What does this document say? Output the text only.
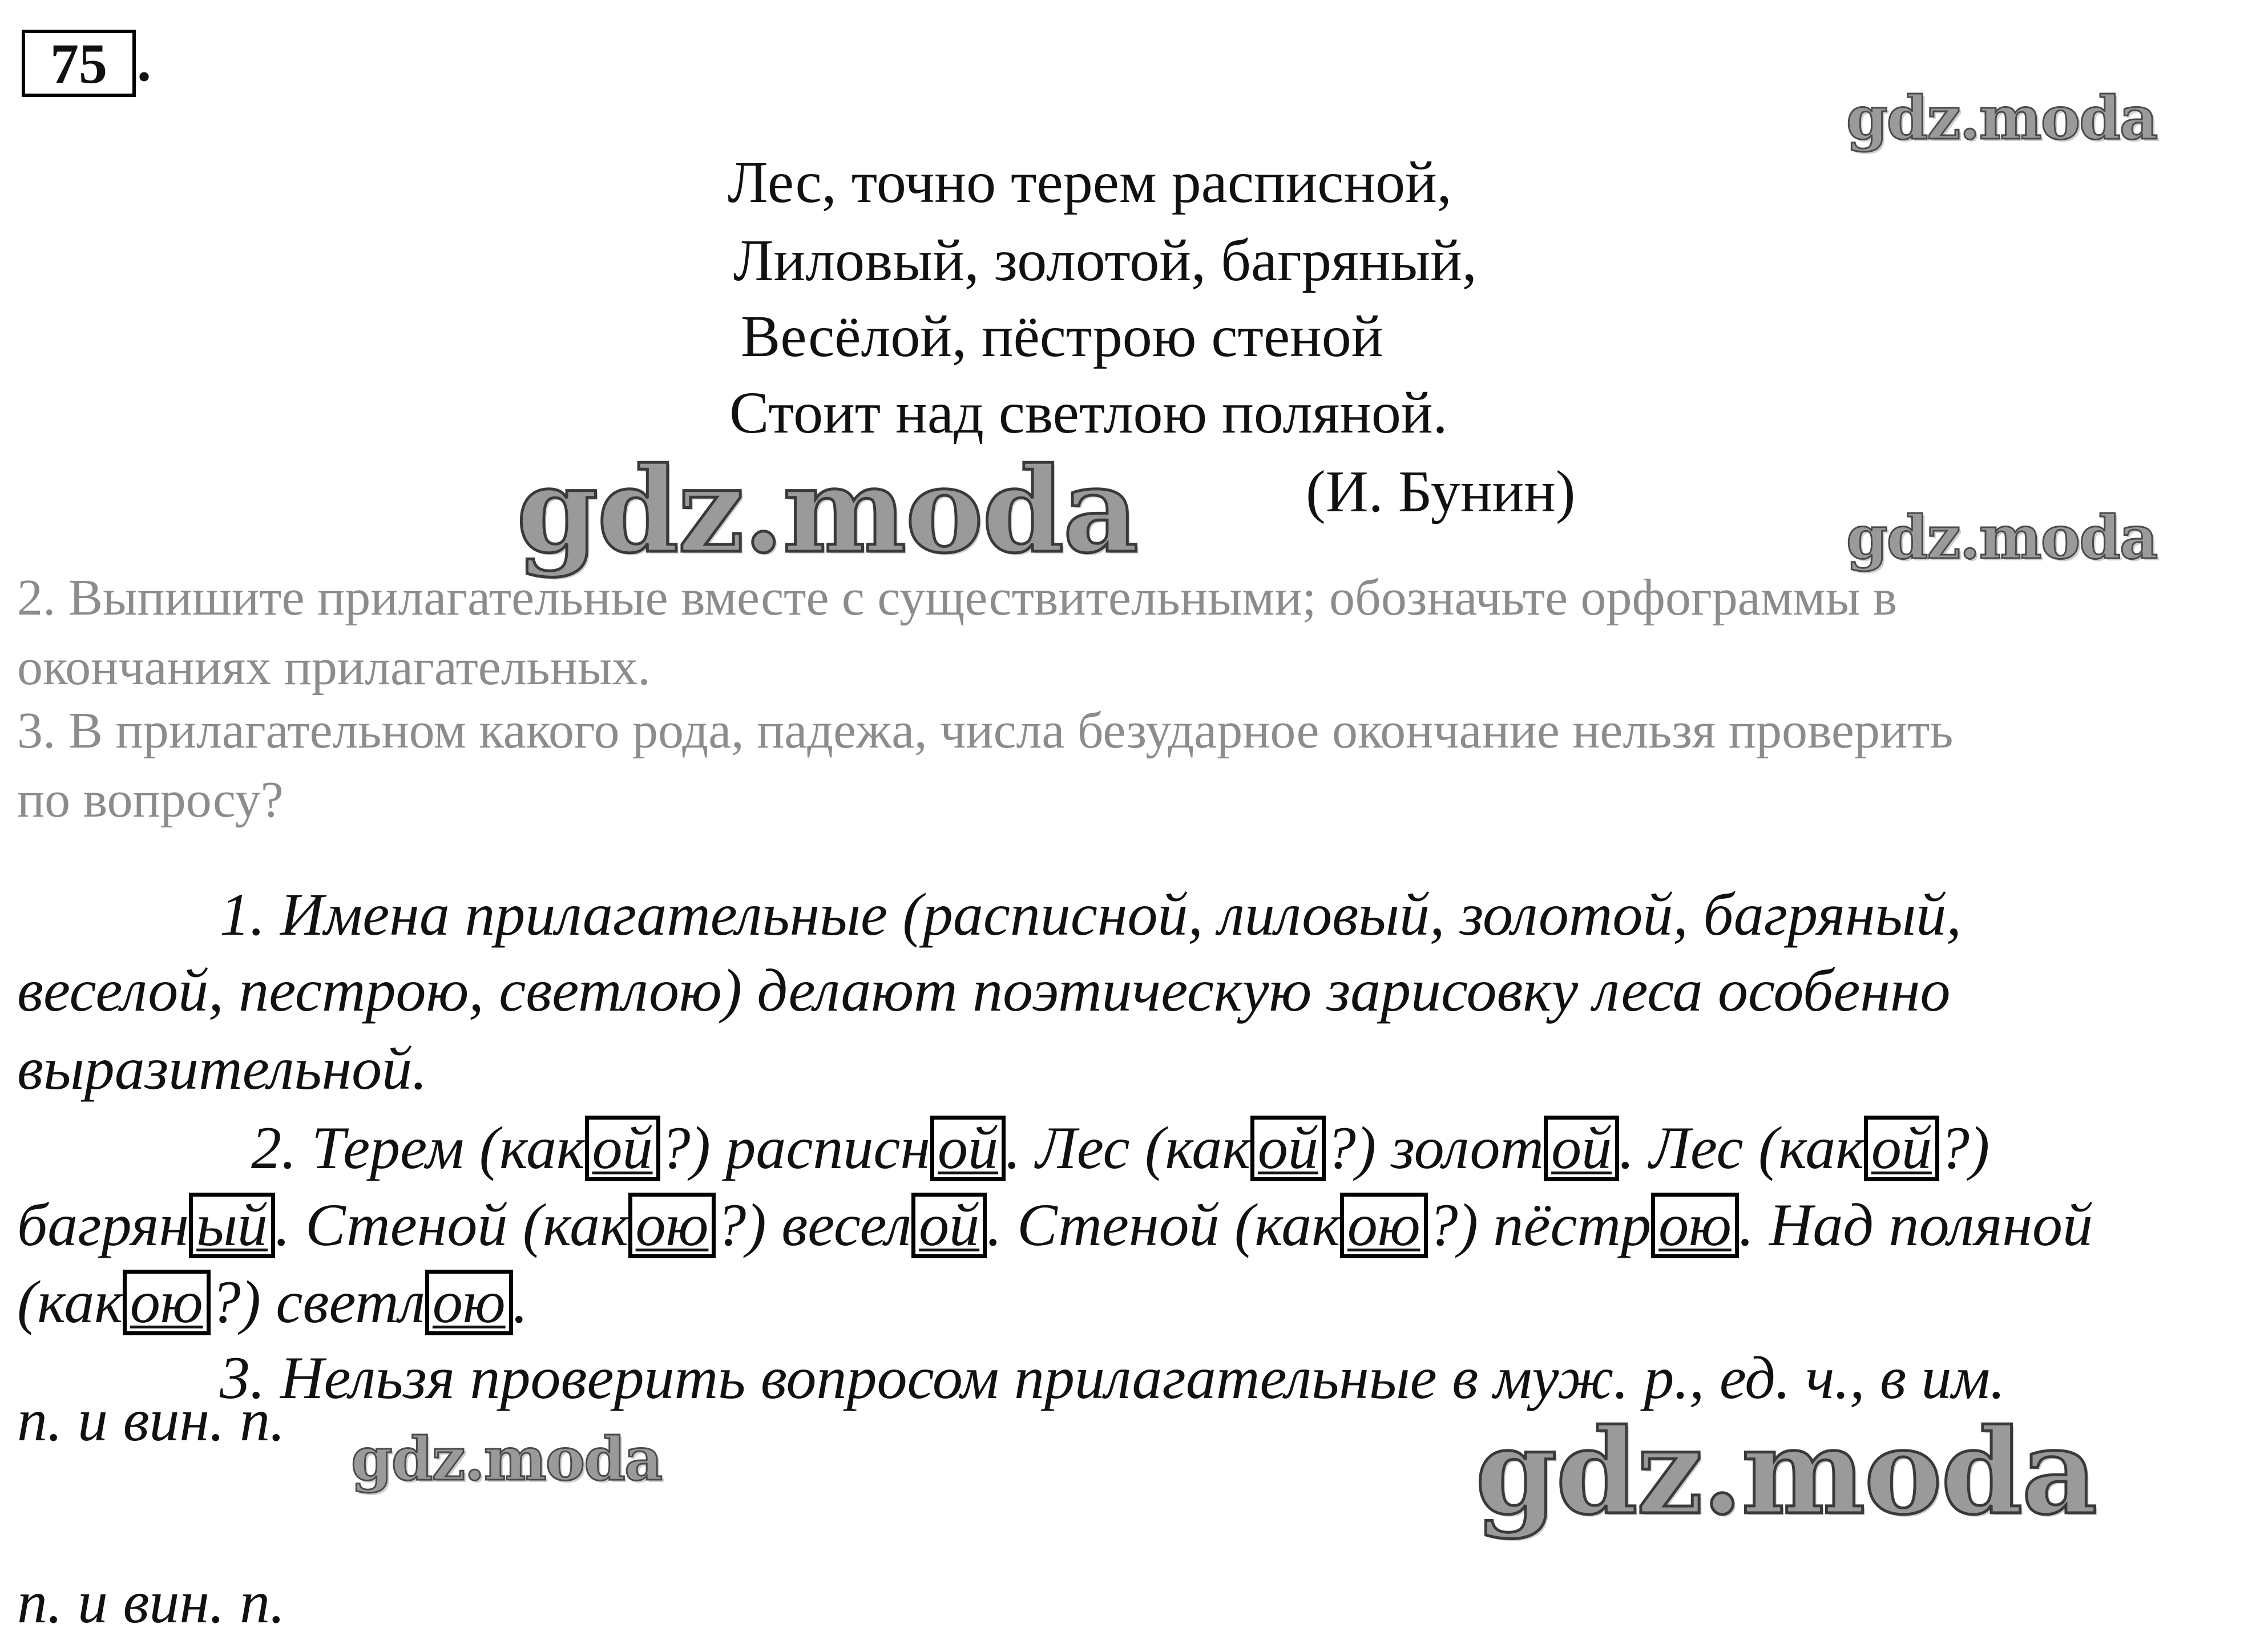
75 .
Лес, точно терем расписной,
Лиловый, золотой, багряный,
Весёлой, пёстрою стеной
Стоит над светлою поляной.
(И. Бунин)
2. Выпишите прилагательные вместе с существительными; обозначьте орфограммы в
окончаниях прилагательных.
3. В прилагательном какого рода, падежа, числа безударное окончание нельзя проверить
по вопросу?
1. Имена прилагательные (расписной, лиловый, золотой, багряный,
веселой, пестрою, светлою) делают поэтическую зарисовку леса особенно
выразительной.
2. Терем (как ой ?) расписн ой . Лес (как ой ?) золот ой . Лес (как ой ?)
багрян ый . Стеной (как ою ?) весел ой . Стеной (как ою ?) пёстр ою . Над поляной
(как ою ?) светл ою .
3. Нельзя проверить вопросом прилагательные в муж. р., ед. ч., в им.
п. и вин. п.
п. и вин. п.
gdz.moda
gdz.moda	gdz.moda
gdz.moda	gdz.moda
